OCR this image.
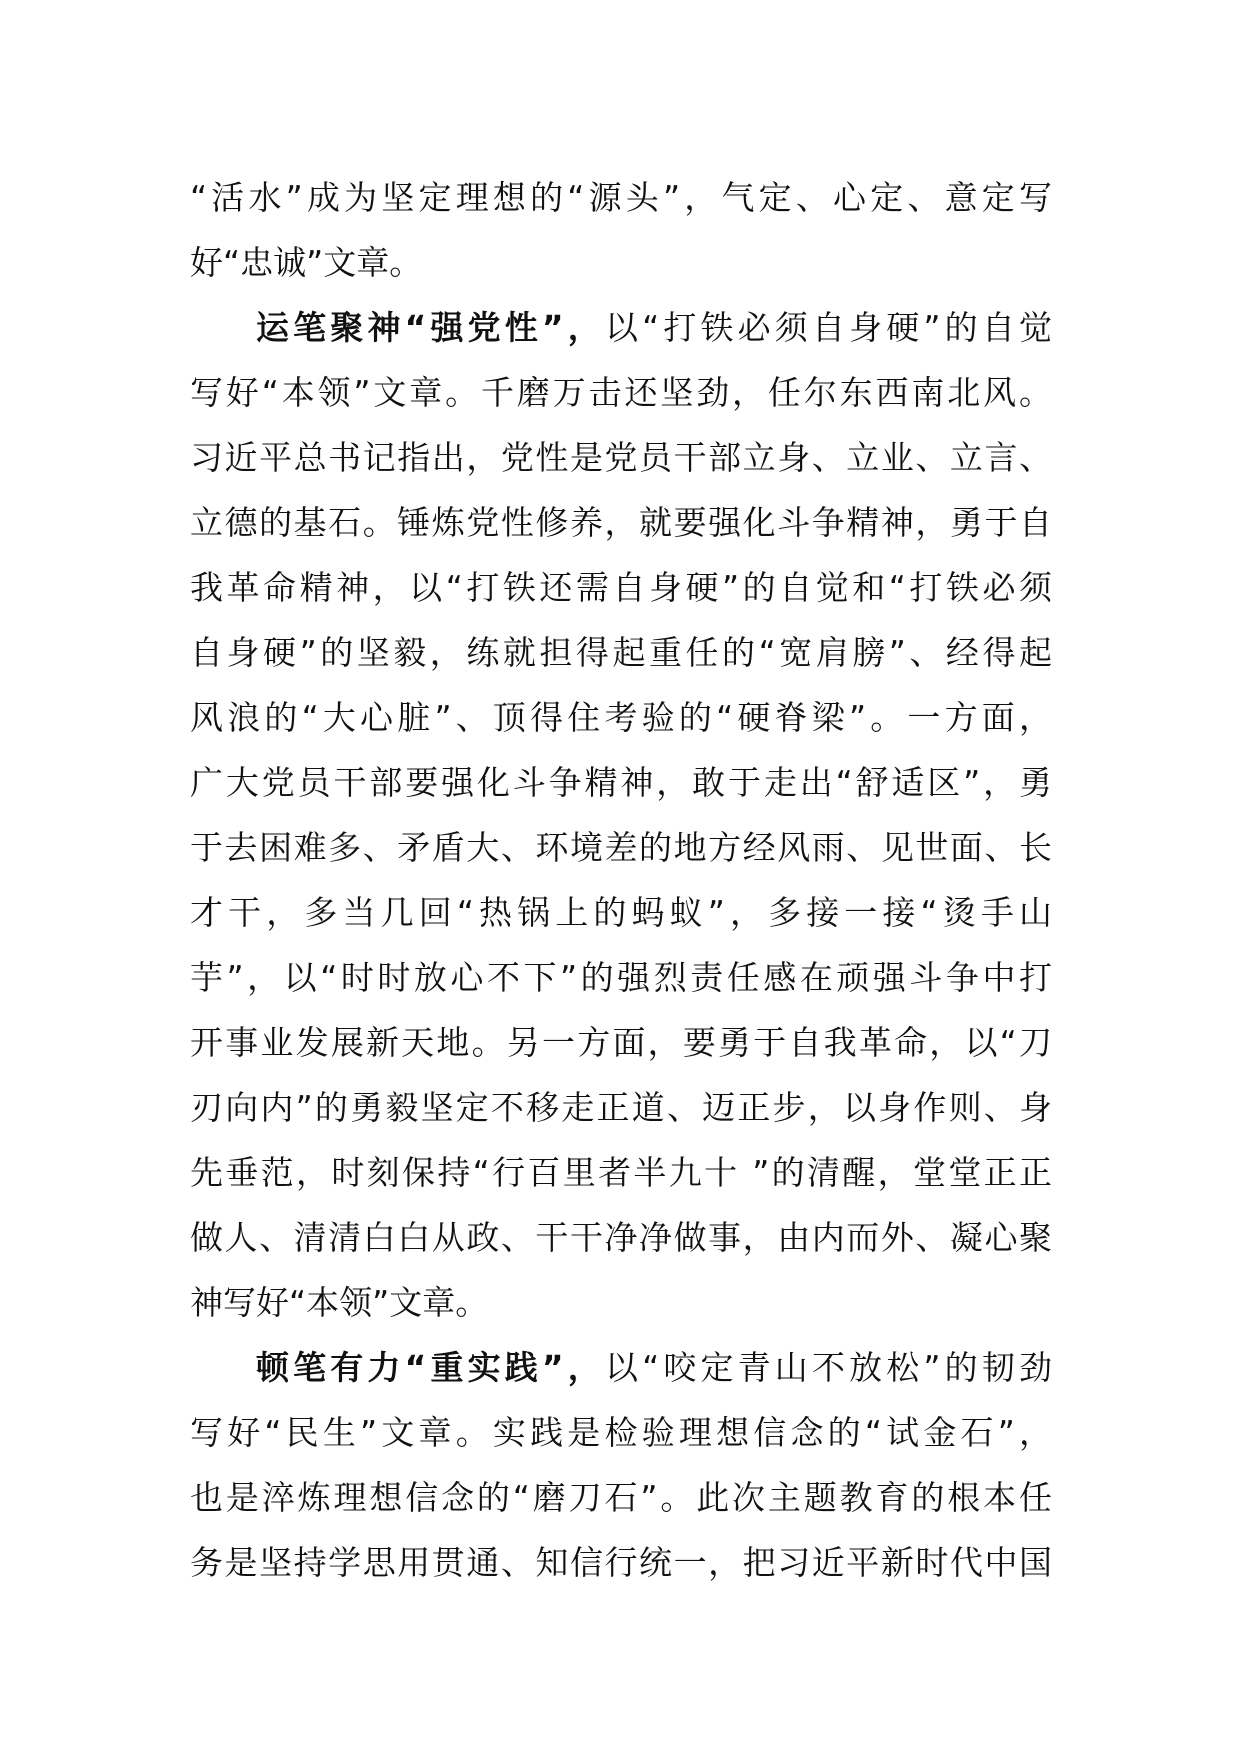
“活水”成为坚定理想的“源头”，气定、心定、意定写
好“忠诚”文章。
运笔聚神“强党性”，以“打铁必须自身硬”的自觉
写好“本领”文章。千磨万击还坚劲，任尔东西南北风。
习近平总书记指出，党性是党员干部立身、立业、立言、
立德的基石。锤炼党性修养，就要强化斗争精神，勇于自
我革命精神，以“打铁还需自身硬”的自觉和“打铁必须
自身硬”的坚毅，练就担得起重任的“宽肩膀”、经得起
风浪的“大心脏”、顶得住考验的“硬脊梁”。一方面，
广大党员干部要强化斗争精神，敢于走出“舒适区”，勇
于去困难多、矛盾大、环境差的地方经风雨、见世面、长
才干，多当几回“热锅上的蚂蚁”，多接一接“烫手山
芋”，以“时时放心不下”的强烈责任感在顽强斗争中打
开事业发展新天地。另一方面，要勇于自我革命，以“刀
刃向内”的勇毅坚定不移走正道、迈正步，以身作则、身
先垂范，时刻保持“行百里者半九十 ”的清醒，堂堂正正
做人、清清白白从政、干干净净做事，由内而外、凝心聚
神写好“本领”文章。
顿笔有力“重实践”，以“咬定青山不放松”的韧劲
写好“民生”文章。实践是检验理想信念的“试金石”，
也是淬炼理想信念的“磨刀石”。此次主题教育的根本任
务是坚持学思用贯通、知信行统一，把习近平新时代中国
